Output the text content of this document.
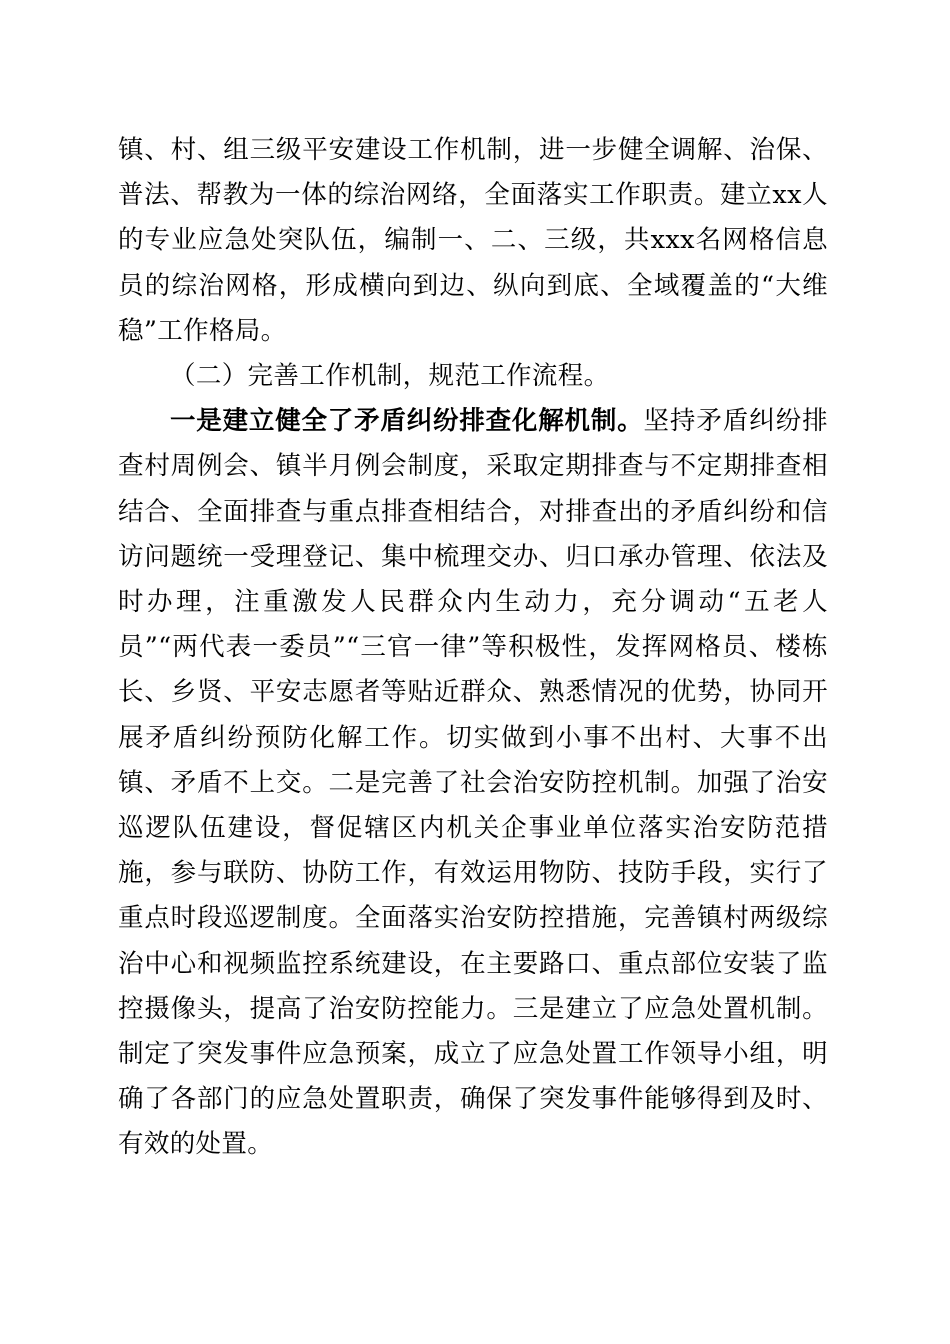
镇、村、组三级平安建设工作机制，进一步健全调解、治保、普法、帮教为一体的综治网络，全面落实工作职责。建立xx人的专业应急处突队伍，编制一、二、三级，共xxx名网格信息员的综治网格，形成横向到边、纵向到底、全域覆盖的“大维稳”工作格局。

（二）完善工作机制，规范工作流程。

一是建立健全了矛盾纠纷排查化解机制。坚持矛盾纠纷排查村周例会、镇半月例会制度，采取定期排查与不定期排查相结合、全面排查与重点排查相结合，对排查出的矛盾纠纷和信访问题统一受理登记、集中梳理交办、归口承办管理、依法及时办理，注重激发人民群众内生动力，充分调动“五老人员”“两代表一委员”“三官一律”等积极性，发挥网格员、楼栋长、乡贤、平安志愿者等贴近群众、熟悉情况的优势，协同开展矛盾纠纷预防化解工作。切实做到小事不出村、大事不出镇、矛盾不上交。二是完善了社会治安防控机制。加强了治安巡逻队伍建设，督促辖区内机关企事业单位落实治安防范措施，参与联防、协防工作，有效运用物防、技防手段，实行了重点时段巡逻制度。全面落实治安防控措施，完善镇村两级综治中心和视频监控系统建设，在主要路口、重点部位安装了监控摄像头，提高了治安防控能力。三是建立了应急处置机制。制定了突发事件应急预案，成立了应急处置工作领导小组，明确了各部门的应急处置职责，确保了突发事件能够得到及时、有效的处置。
